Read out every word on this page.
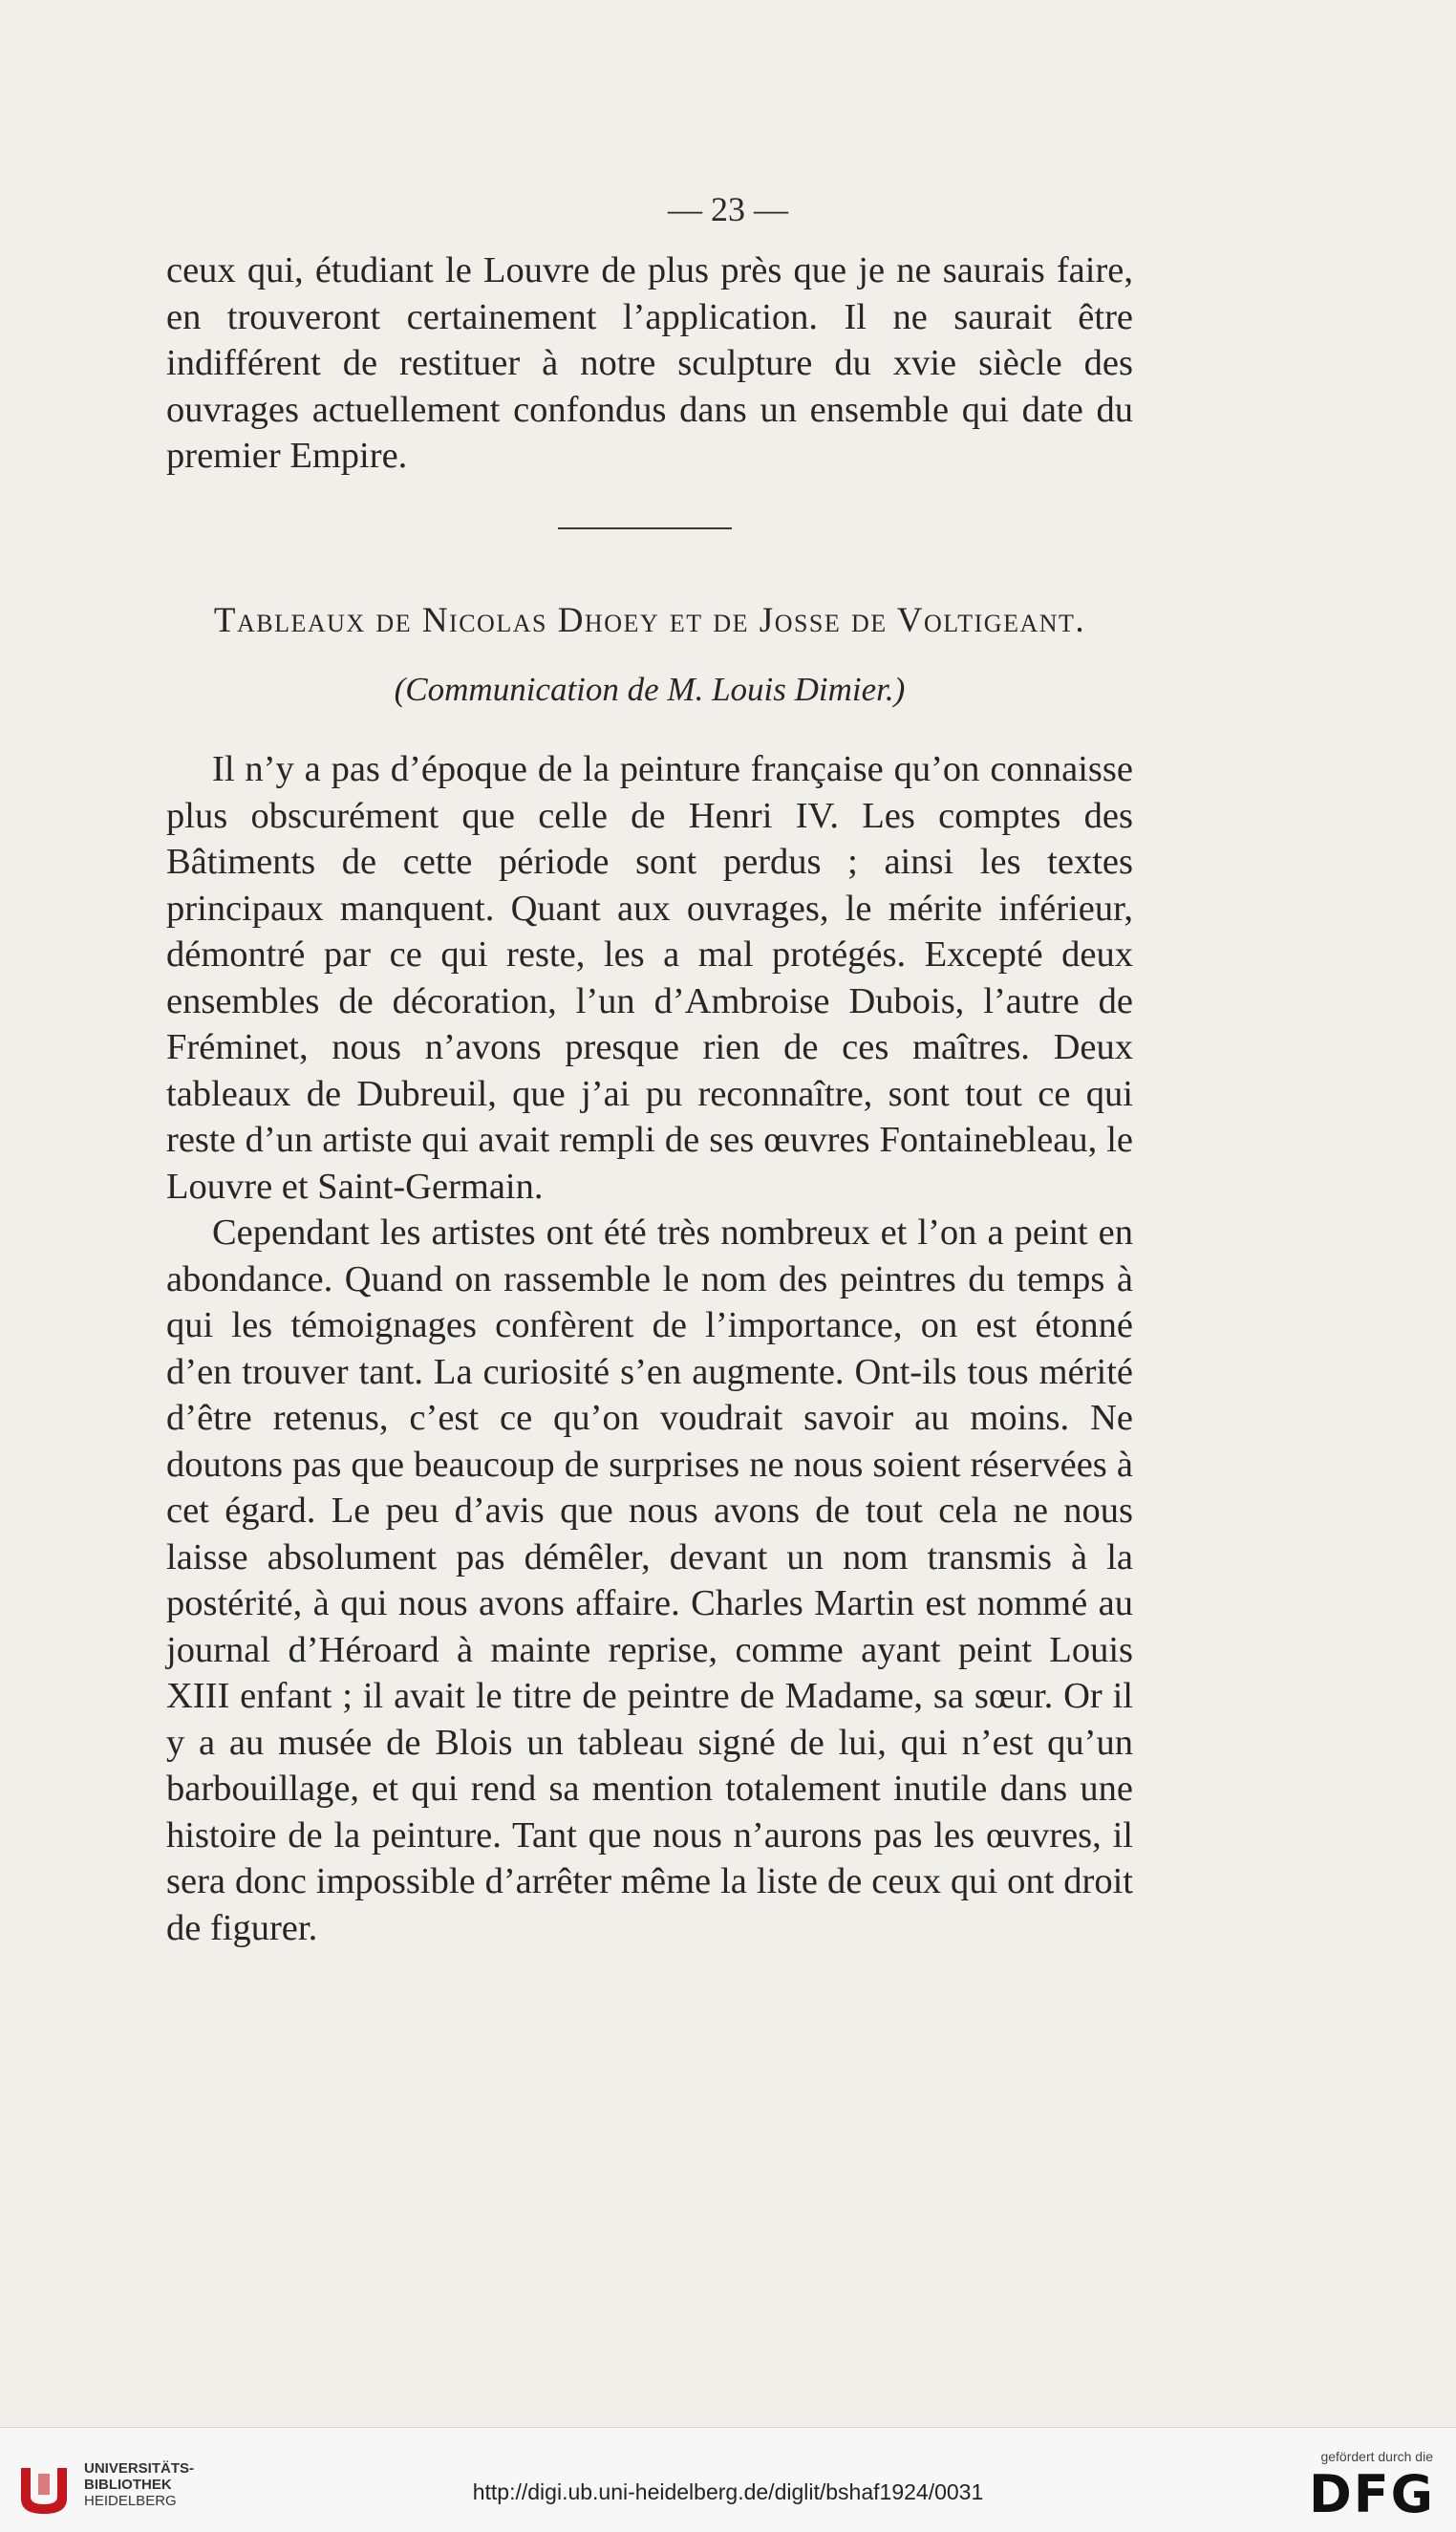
— 23 —

ceux qui, étudiant le Louvre de plus près que je ne saurais faire, en trouveront certainement l’application. Il ne saurait être indifférent de restituer à notre sculpture du xvie siècle des ouvrages actuellement confondus dans un ensemble qui date du premier Empire.

Tableaux de Nicolas Dhoey et de Josse de Voltigeant.
(Communication de M. Louis Dimier.)

Il n’y a pas d’époque de la peinture française qu’on connaisse plus obscurément que celle de Henri IV. Les comptes des Bâtiments de cette période sont perdus ; ainsi les textes principaux manquent. Quant aux ouvrages, le mérite inférieur, démontré par ce qui reste, les a mal protégés. Excepté deux ensembles de décoration, l’un d’Ambroise Dubois, l’autre de Fréminet, nous n’avons presque rien de ces maîtres. Deux tableaux de Dubreuil, que j’ai pu reconnaître, sont tout ce qui reste d’un artiste qui avait rempli de ses œuvres Fontainebleau, le Louvre et Saint-Germain.

Cependant les artistes ont été très nombreux et l’on a peint en abondance. Quand on rassemble le nom des peintres du temps à qui les témoignages confèrent de l’importance, on est étonné d’en trouver tant. La curiosité s’en augmente. Ont-ils tous mérité d’être retenus, c’est ce qu’on voudrait savoir au moins. Ne doutons pas que beaucoup de surprises ne nous soient réservées à cet égard. Le peu d’avis que nous avons de tout cela ne nous laisse absolument pas démêler, devant un nom transmis à la postérité, à qui nous avons affaire. Charles Martin est nommé au journal d’Héroard à mainte reprise, comme ayant peint Louis XIII enfant ; il avait le titre de peintre de Madame, sa sœur. Or il y a au musée de Blois un tableau signé de lui, qui n’est qu’un barbouillage, et qui rend sa mention totalement inutile dans une histoire de la peinture. Tant que nous n’aurons pas les œuvres, il sera donc impossible d’arrêter même la liste de ceux qui ont droit de figurer.

UNIVERSITÄTS-
BIBLIOTHEK
HEIDELBERG	http://digi.ub.uni-heidelberg.de/diglit/bshaf1924/0031
gefördert durch die
DFG
